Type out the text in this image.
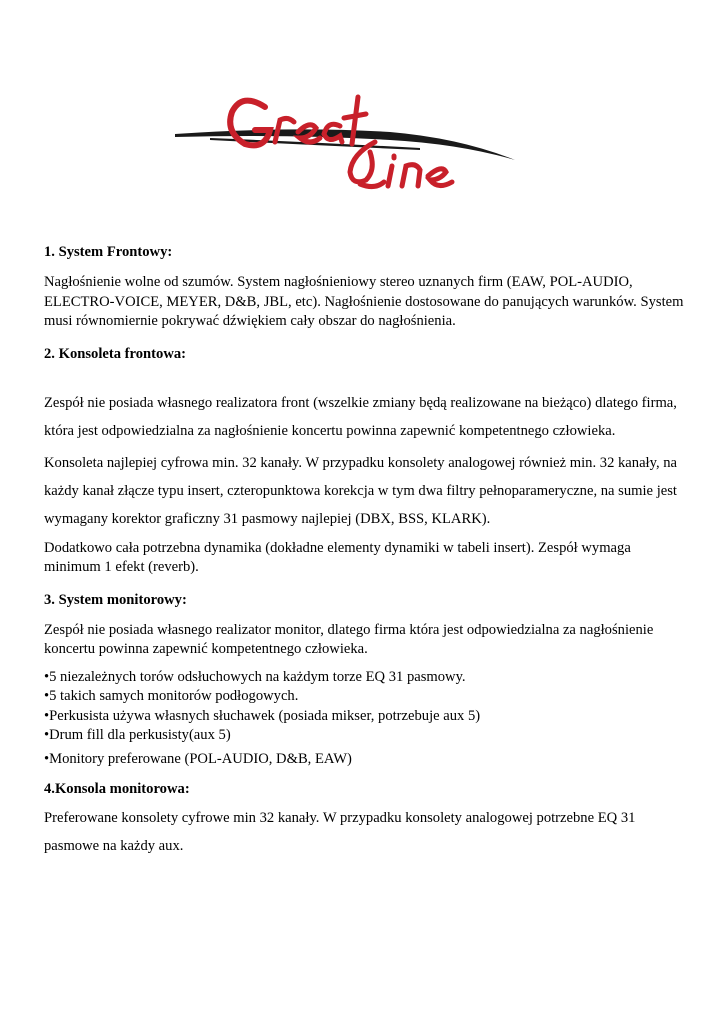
1. System Frontowy:

Nagłośnienie wolne od szumów. System nagłośnieniowy stereo uznanych firm (EAW, POL-AUDIO, ELECTRO-VOICE, MEYER, D&B, JBL, etc). Nagłośnienie dostosowane do panujących warunków. System musi równomiernie pokrywać dźwiękiem cały obszar do nagłośnienia.

2. Konsoleta frontowa:

Zespół nie posiada własnego realizatora front (wszelkie zmiany będą realizowane na bieżąco) dlatego firma, która jest odpowiedzialna za nagłośnienie koncertu powinna zapewnić kompetentnego człowieka.

Konsoleta najlepiej cyfrowa min. 32 kanały. W przypadku konsolety analogowej również min. 32 kanały, na każdy kanał złącze typu insert, czteropunktowa korekcja w tym dwa filtry pełnoparameryczne, na sumie jest wymagany korektor graficzny 31 pasmowy najlepiej (DBX, BSS, KLARK).

Dodatkowo cała potrzebna dynamika (dokładne elementy dynamiki w tabeli insert). Zespół wymaga minimum 1 efekt (reverb).

3. System monitorowy:

Zespół nie posiada własnego realizator monitor, dlatego firma która jest odpowiedzialna za nagłośnienie koncertu powinna zapewnić kompetentnego człowieka.

•5 niezależnych torów odsłuchowych na każdym torze EQ 31 pasmowy.
•5 takich samych monitorów podłogowych.
•Perkusista używa własnych słuchawek (posiada mikser, potrzebuje aux 5)
•Drum fill dla perkusisty(aux 5)
•Monitory preferowane (POL-AUDIO, D&B, EAW)
4.Konsola monitorowa:

Preferowane konsolety cyfrowe min 32 kanały. W przypadku konsolety analogowej potrzebne EQ 31 pasmowe na każdy aux.
